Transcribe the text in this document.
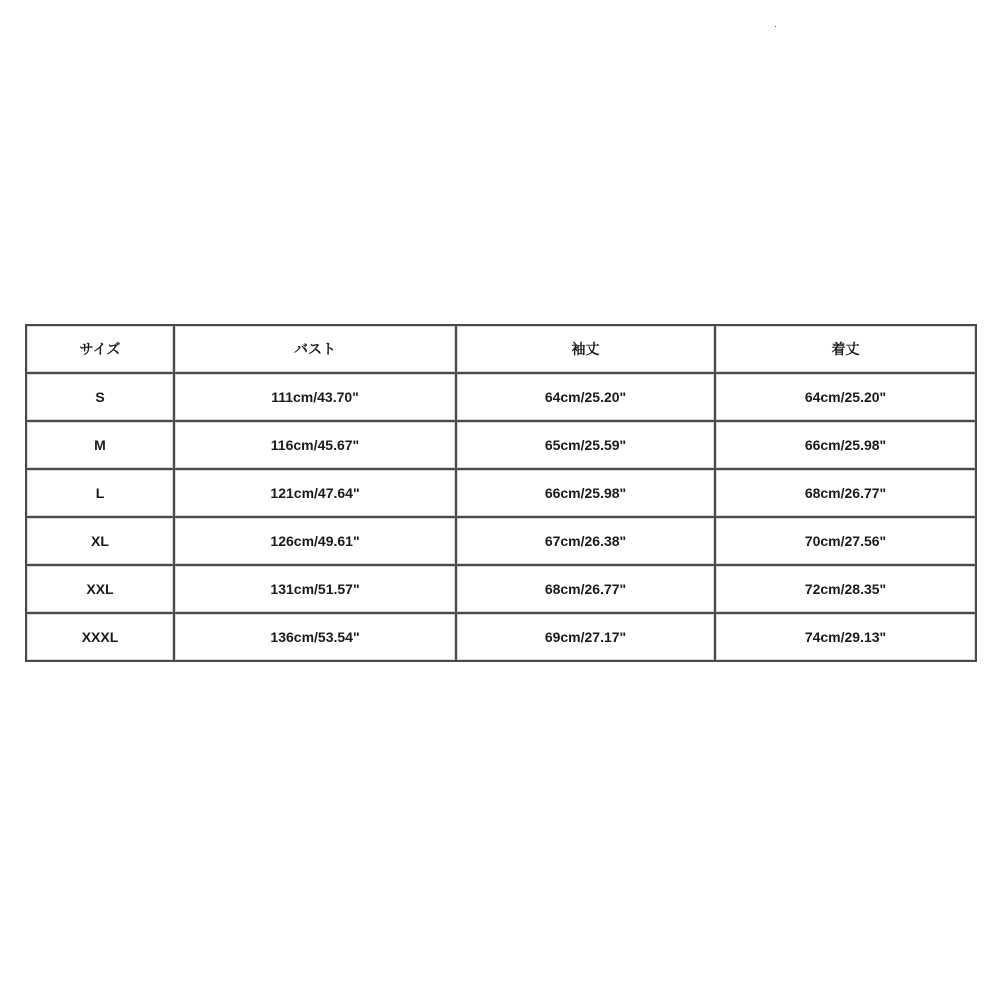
サイズ	バスト	袖丈	着丈
S	111cm/43.70"	64cm/25.20"	64cm/25.20"
M	116cm/45.67"	65cm/25.59"	66cm/25.98"
L	121cm/47.64"	66cm/25.98"	68cm/26.77"
XL	126cm/49.61"	67cm/26.38"	70cm/27.56"
XXL	131cm/51.57"	68cm/26.77"	72cm/28.35"
XXXL	136cm/53.54"	69cm/27.17"	74cm/29.13"
